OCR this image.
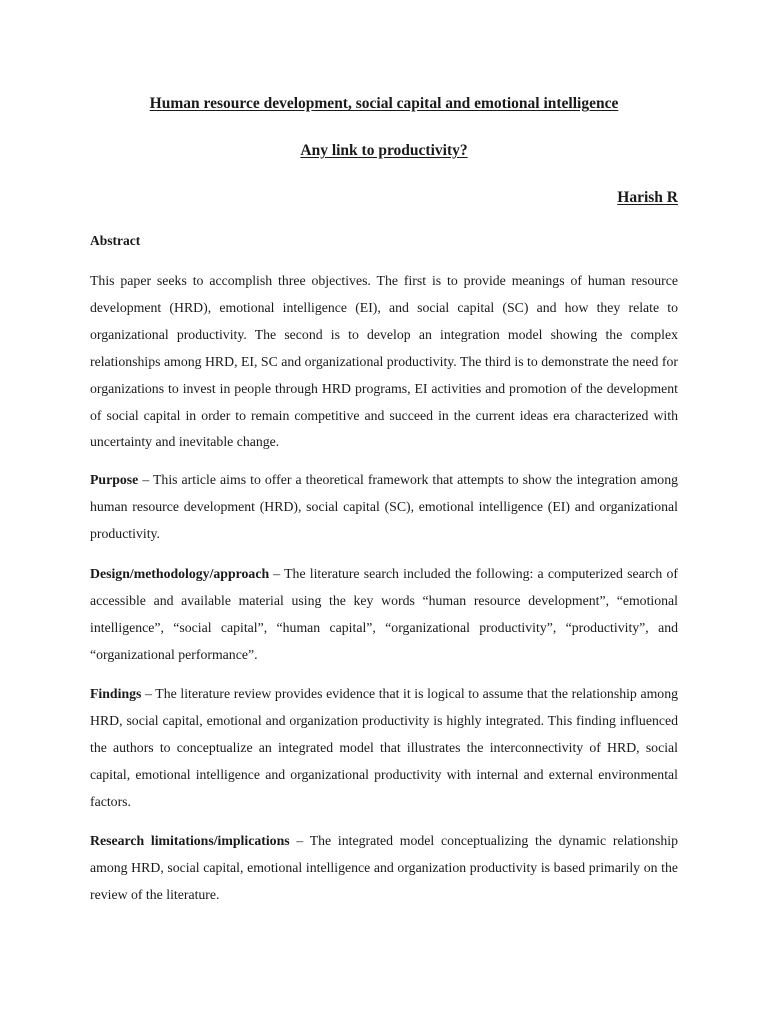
Human resource development, social capital and emotional intelligence
Any link to productivity?
Harish R
Abstract

This paper seeks to accomplish three objectives. The first is to provide meanings of human resource development (HRD), emotional intelligence (EI), and social capital (SC) and how they relate to organizational productivity. The second is to develop an integration model showing the complex relationships among HRD, EI, SC and organizational productivity. The third is to demonstrate the need for organizations to invest in people through HRD programs, EI activities and promotion of the development of social capital in order to remain competitive and succeed in the current ideas era characterized with uncertainty and inevitable change.

Purpose – This article aims to offer a theoretical framework that attempts to show the integration among human resource development (HRD), social capital (SC), emotional intelligence (EI) and organizational productivity.

Design/methodology/approach – The literature search included the following: a computerized search of accessible and available material using the key words “human resource development”, “emotional intelligence”, “social capital”, “human capital”, “organizational productivity”, “productivity”, and “organizational performance”.

Findings – The literature review provides evidence that it is logical to assume that the relationship among HRD, social capital, emotional and organization productivity is highly integrated. This finding influenced the authors to conceptualize an integrated model that illustrates the interconnectivity of HRD, social capital, emotional intelligence and organizational productivity with internal and external environmental factors.

Research limitations/implications – The integrated model conceptualizing the dynamic relationship among HRD, social capital, emotional intelligence and organization productivity is based primarily on the review of the literature.
